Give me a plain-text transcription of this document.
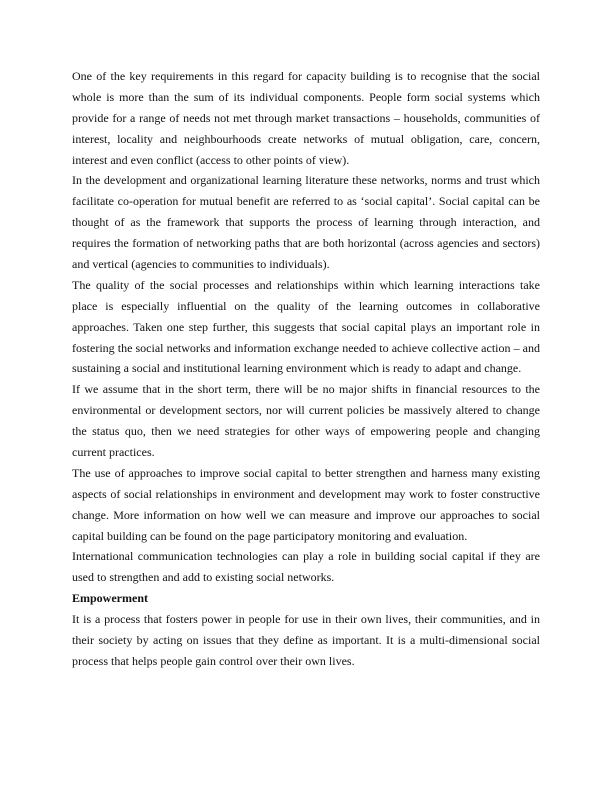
One of the key requirements in this regard for capacity building is to recognise that the social
whole is more than the sum of its individual components. People form social systems which
provide for a range of needs not met through market transactions – households, communities of
interest, locality and neighbourhoods create networks of mutual obligation, care, concern,
interest and even conflict (access to other points of view).
In the development and organizational learning literature these networks, norms and trust which
facilitate co-operation for mutual benefit are referred to as ‘social capital’. Social capital can be
thought of as the framework that supports the process of learning through interaction, and
requires the formation of networking paths that are both horizontal (across agencies and sectors)
and vertical (agencies to communities to individuals).
The quality of the social processes and relationships within which learning interactions take
place is especially influential on the quality of the learning outcomes in collaborative
approaches. Taken one step further, this suggests that social capital plays an important role in
fostering the social networks and information exchange needed to achieve collective action – and
sustaining a social and institutional learning environment which is ready to adapt and change.
If we assume that in the short term, there will be no major shifts in financial resources to the
environmental or development sectors, nor will current policies be massively altered to change
the status quo, then we need strategies for other ways of empowering people and changing
current practices.
The use of approaches to improve social capital to better strengthen and harness many existing
aspects of social relationships in environment and development may work to foster constructive
change. More information on how well we can measure and improve our approaches to social
capital building can be found on the page participatory monitoring and evaluation.
International communication technologies can play a role in building social capital if they are
used to strengthen and add to existing social networks.
Empowerment
It is a process that fosters power in people for use in their own lives, their communities, and in
their society by acting on issues that they define as important. It is a multi-dimensional social
process that helps people gain control over their own lives.
